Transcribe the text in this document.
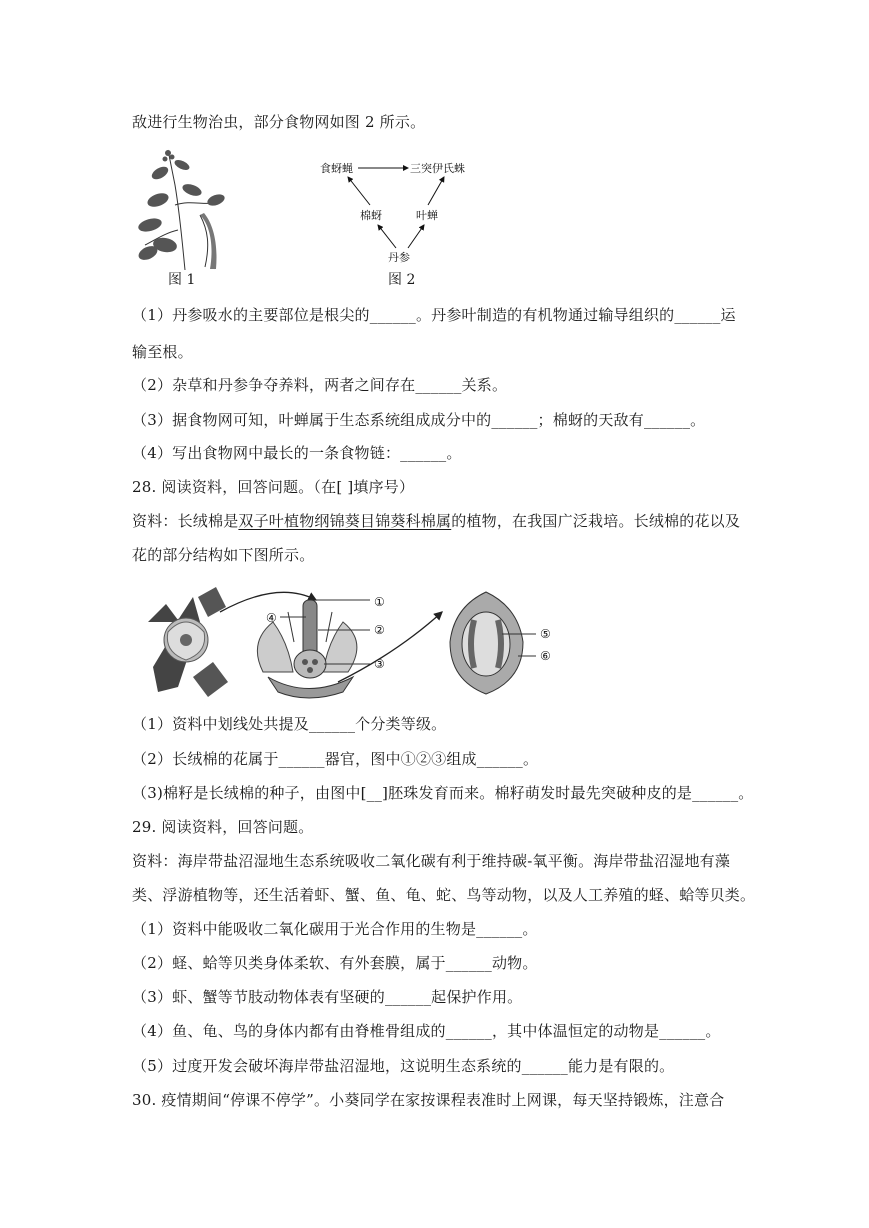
敌进行生物治虫，部分食物网如图 2 所示。
图 1
食蚜蝇	三突伊氏蛛
棉蚜	叶蝉
丹参
图 2
（1）丹参吸水的主要部位是根尖的______。丹参叶制造的有机物通过输导组织的______运
输至根。
（2）杂草和丹参争夺养料，两者之间存在______关系。
（3）据食物网可知，叶蝉属于生态系统组成成分中的______；棉蚜的天敌有______。
（4）写出食物网中最长的一条食物链：______。
28. 阅读资料，回答问题。（在[ ]填序号）
资料：长绒棉是双子叶植物纲锦葵目锦葵科棉属的植物，在我国广泛栽培。长绒棉的花以及
花的部分结构如下图所示。
①
②
③
④
⑤
⑥
（1）资料中划线处共提及______个分类等级。
（2）长绒棉的花属于______器官，图中①②③组成______。
（3)棉籽是长绒棉的种子，由图中[__]胚珠发育而来。棉籽萌发时最先突破种皮的是______。
29. 阅读资料，回答问题。
资料：海岸带盐沼湿地生态系统吸收二氧化碳有利于维持碳-氧平衡。海岸带盐沼湿地有藻
类、浮游植物等，还生活着虾、蟹、鱼、龟、蛇、鸟等动物，以及人工养殖的蛏、蛤等贝类。
（1）资料中能吸收二氧化碳用于光合作用的生物是______。
（2）蛏、蛤等贝类身体柔软、有外套膜，属于______动物。
（3）虾、蟹等节肢动物体表有坚硬的______起保护作用。
（4）鱼、龟、鸟的身体内都有由脊椎骨组成的______，其中体温恒定的动物是______。
（5）过度开发会破坏海岸带盐沼湿地，这说明生态系统的______能力是有限的。
30. 疫情期间“停课不停学”。小葵同学在家按课程表准时上网课，每天坚持锻炼，注意合
